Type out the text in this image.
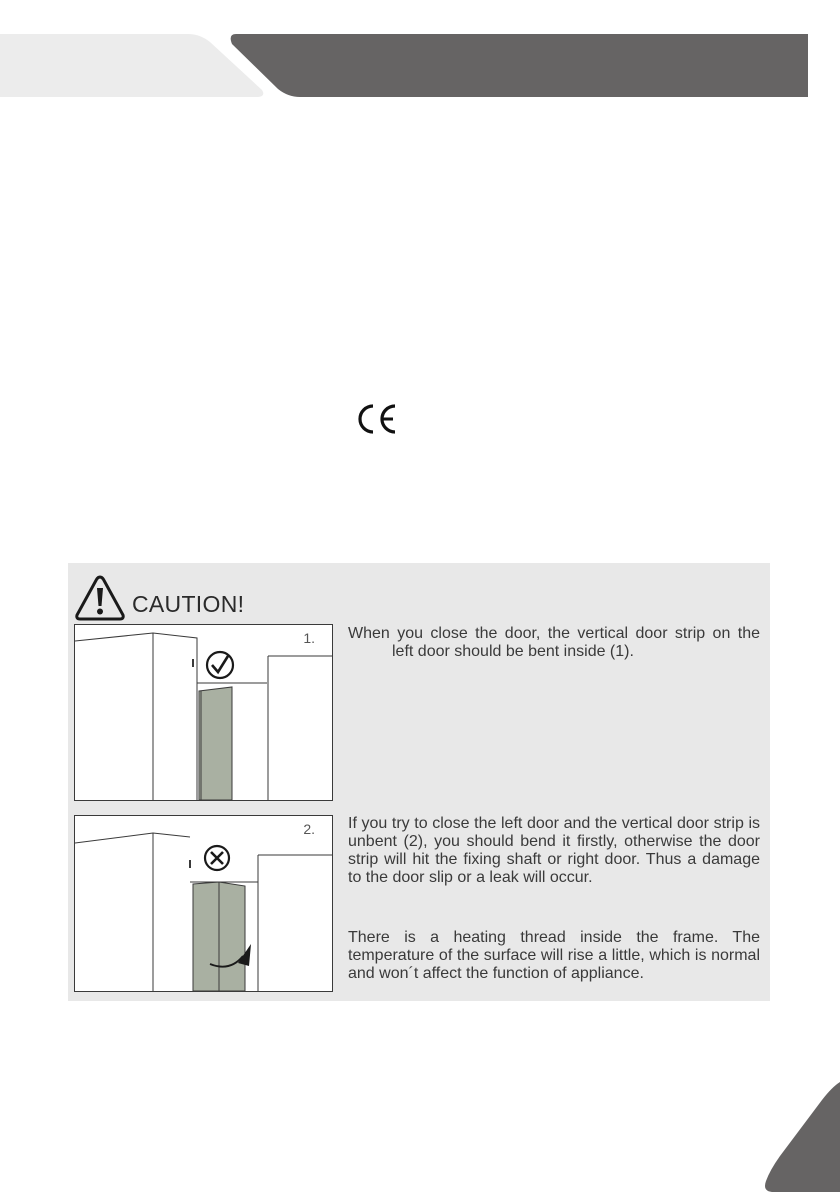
CAUTION!
1.
2.

When you close the door, the vertical door strip on theleft door should be bent inside (1).

If you try to close the left door and the vertical door strip is unbent (2), you should bend it firstly, otherwise the door strip will hit the fixing shaft or right door. Thus a damage to the door slip or a leak will occur.

There is a heating thread inside the frame. The temperature of the surface will rise a little, which is normal and won´t affect the function of appliance.
